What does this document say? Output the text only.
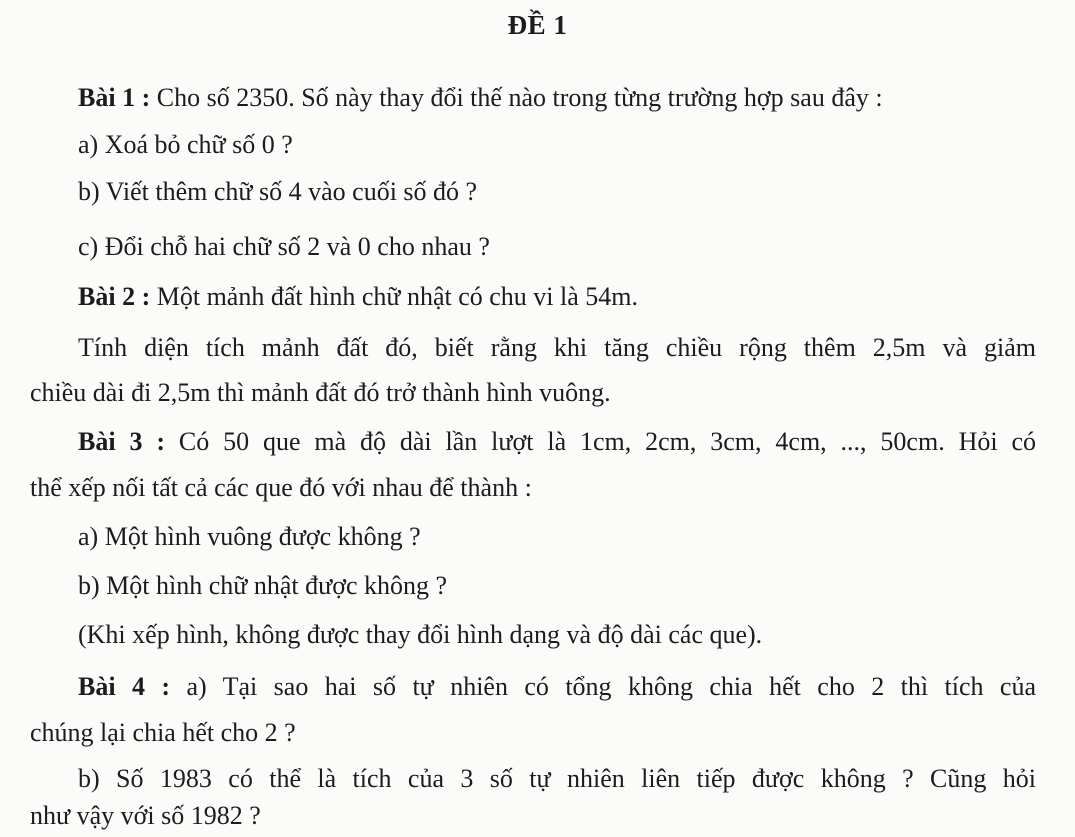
ĐỀ 1
Bài 1 : Cho số 2350. Số này thay đổi thế nào trong từng trường hợp sau đây :
a) Xoá bỏ chữ số 0 ?
b) Viết thêm chữ số 4 vào cuối số đó ?
c) Đổi chỗ hai chữ số 2 và 0 cho nhau ?
Bài 2 : Một mảnh đất hình chữ nhật có chu vi là 54m.
Tính diện tích mảnh đất đó, biết rằng khi tăng chiều rộng thêm 2,5m và giảm
chiều dài đi 2,5m thì mảnh đất đó trở thành hình vuông.
Bài 3 : Có 50 que mà độ dài lần lượt là 1cm, 2cm, 3cm, 4cm, ..., 50cm. Hỏi có
thể xếp nối tất cả các que đó với nhau để thành :
a) Một hình vuông được không ?
b) Một hình chữ nhật được không ?
(Khi xếp hình, không được thay đổi hình dạng và độ dài các que).
Bài 4 : a) Tại sao hai số tự nhiên có tổng không chia hết cho 2 thì tích của
chúng lại chia hết cho 2 ?
b) Số 1983 có thể là tích của 3 số tự nhiên liên tiếp được không ? Cũng hỏi
như vậy với số 1982 ?
